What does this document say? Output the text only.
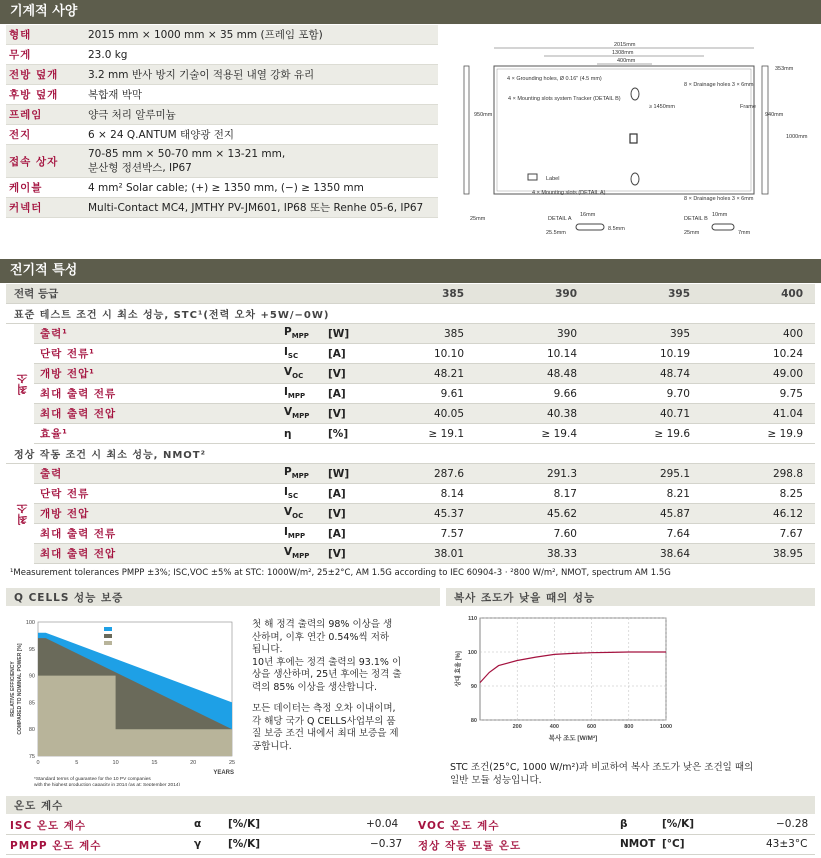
기계적 사양
형태	2015 mm × 1000 mm × 35 mm (프레임 포함)
무게	23.0 kg
전방 덮개	3.2 mm 반사 방지 기술이 적용된 내열 강화 유리
후방 덮개	복합재 박막
프레임	양극 처리 알루미늄
전지	6 × 24 Q.ANTUM 태양광 전지
접속 상자
70-85 mm × 50-70 mm × 13-21 mm,
분산형 정션박스, IP67
케이블	4 mm² Solar cable; (+) ≥ 1350 mm, (−) ≥ 1350 mm
커넥터	Multi-Contact MC4, JMTHY PV-JM601, IP68 또는 Renhe 05-6, IP67
2015mm
1308mm
400mm
353mm
4 × Grounding holes, Ø 0.16" (4.5 mm)
4 × Mounting slots system Tracker (DETAIL B)
8 × Drainage holes 3 × 6mm
Frame
950mm	940mm
1000mm
≥ 1450mm
Label
4 × Mounting slots (DETAIL A)
8 × Drainage holes 3 × 6mm
25mm	DETAIL A
16mm
25.5mm
8.5mm
DETAIL B
10mm
25mm	7mm
전기적 특성
전력 등급	385	390	395	400
표준 테스트 조건 시 최소 성능, STC¹(전력 오차 +5W/−0W)
최소
출력¹	$P_{MPP}$ [W]	385	390	395	400
단락 전류¹	$I_{SC}$	[A]	10.10	10.14	10.19	10.24
개방 전압¹	$V_{OC}$ [V]	48.21	48.48	48.74	49.00
최대 출력 전류	$I_{MPP}$ [A]	9.61	9.66	9.70	9.75
최대 출력 전압	$V_{MPP}$ [V]	40.05	40.38	40.71	41.04
효율¹	η	[%]	≥ 19.1	≥ 19.4	≥ 19.6	≥ 19.9
정상 작동 조건 시 최소 성능, NMOT²
최소
출력	$P_{MPP}$ [W]	287.6	291.3	295.1	298.8
단락 전류	$I_{SC}$	[A]	8.14	8.17	8.21	8.25
개방 전압	$V_{OC}$ [V]	45.37	45.62	45.87	46.12
최대 출력 전류	$I_{MPP}$ [A]	7.57	7.60	7.64	7.67
최대 출력 전압	$V_{MPP}$ [V]	38.01	38.33	38.64	38.95
¹Measurement tolerances PMPP ±3%; ISC,VOC ±5% at STC: 1000W/m², 25±2°C, AM 1.5G according to IEC 60904-3 · ²800 W/m², NMOT, spectrum AM 1.5G
Q CELLS 성능 보증
75
80
85
90
95
100
0	5	10	15	20	25
YEARS
RELATIVE EFFICIENCY COMPARED TO NOMINAL POWER [%]
Q CELLS
Industry standard for linear warranties*
Industry standard for tiered warranties*
*Standard terms of guarantee for the 10 PV companies
with the highest production capacity in 2014 (as at: September 2014)
첫 해 정격 출력의 98% 이상을 생
산하며, 이후 연간 0.54%씩 저하
됩니다.
10년 후에는 정격 출력의 93.1% 이
상을 생산하며, 25년 후에는 정격 출
력의 85% 이상을 생산합니다.
모든 데이터는 측정 오차 이내이며,
각 해당 국가 Q CELLS사업부의 품
질 보증 조건 내에서 최대 보증을 제
공합니다.
복사 조도가 낮을 때의 성능
200	400	600	800	1000
80
90
100
110
복사 조도 [W/M²]
상대 효율 [%]
STC 조건(25°C, 1000 W/m²)과 비교하여 복사 조도가 낮은 조건일 때의
일반 모듈 성능입니다.
온도 계수
ISC 온도 계수	α	[%/K]	+0.04 VOC 온도 계수	β	[%/K]	−0.28
PMPP 온도 계수	γ	[%/K]	−0.37 정상 작동 모듈 온도	NMOT [°C]	43±3°C
